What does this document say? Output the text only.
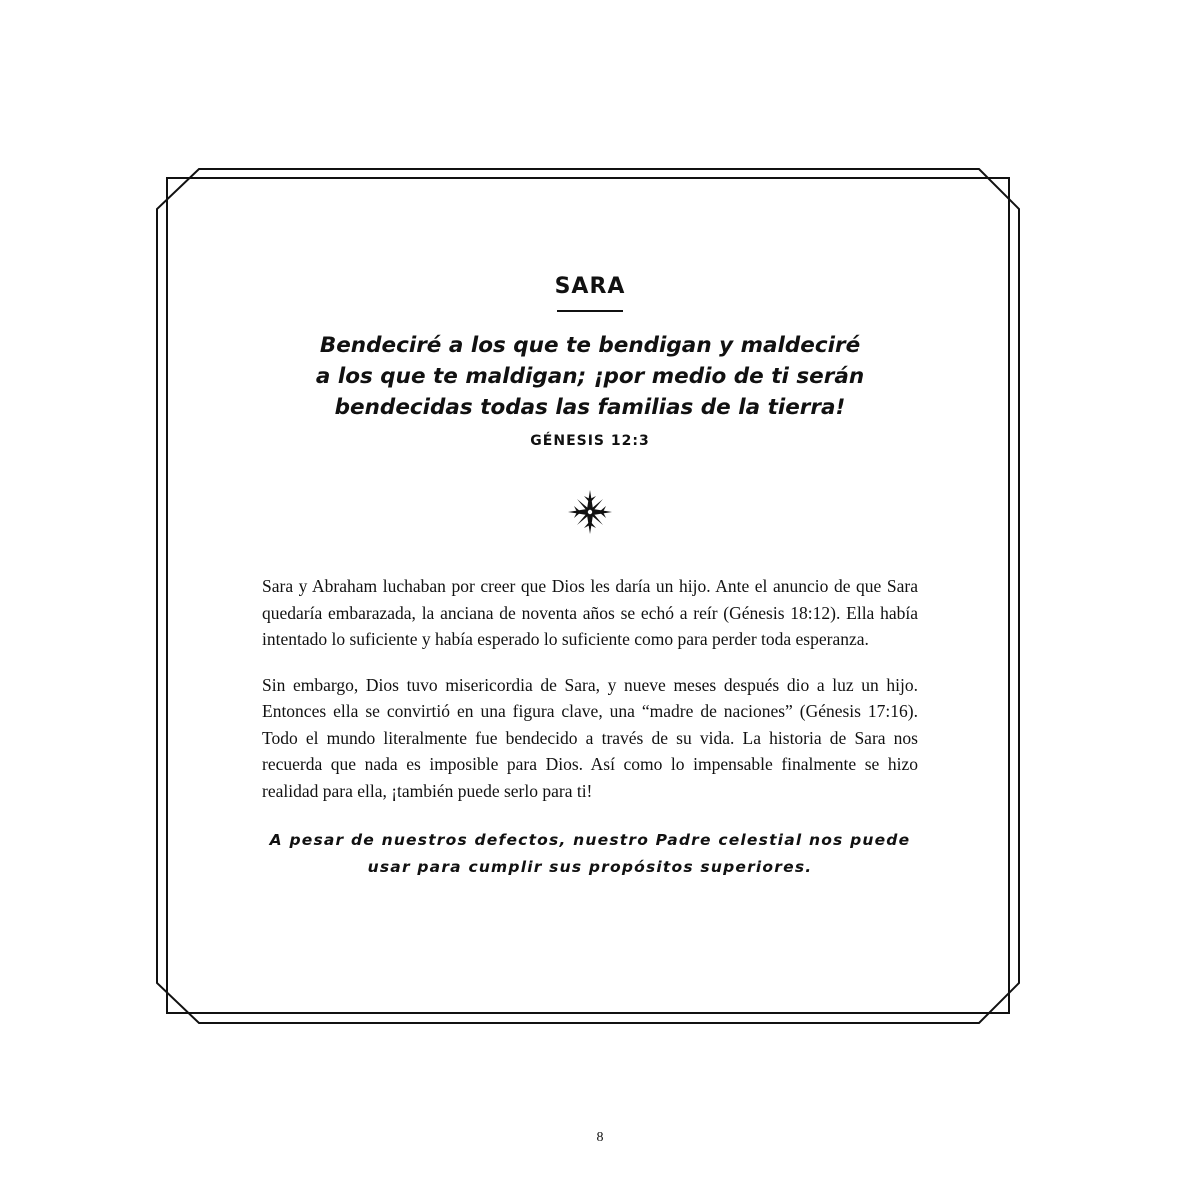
SARA

Bendeciré a los que te bendigan y maldeciré
a los que te maldigan; ¡por medio de ti serán
bendecidas todas las familias de la tierra!

GÉNESIS 12:3

Sara y Abraham luchaban por creer que Dios les daría un hijo. Ante el anuncio de que Sara quedaría embarazada, la anciana de noventa años se echó a reír (Génesis 18:12). Ella había intentado lo suficiente y había esperado lo suficiente como para perder toda esperanza.

Sin embargo, Dios tuvo misericordia de Sara, y nueve meses después dio a luz un hijo. Entonces ella se convirtió en una figura clave, una “madre de naciones” (Génesis 17:16). Todo el mundo literalmente fue bendecido a través de su vida. La historia de Sara nos recuerda que nada es imposible para Dios. Así como lo impensable finalmente se hizo realidad para ella, ¡también puede serlo para ti!

A pesar de nuestros defectos, nuestro Padre celestial nos puede
usar para cumplir sus propósitos superiores.

8
